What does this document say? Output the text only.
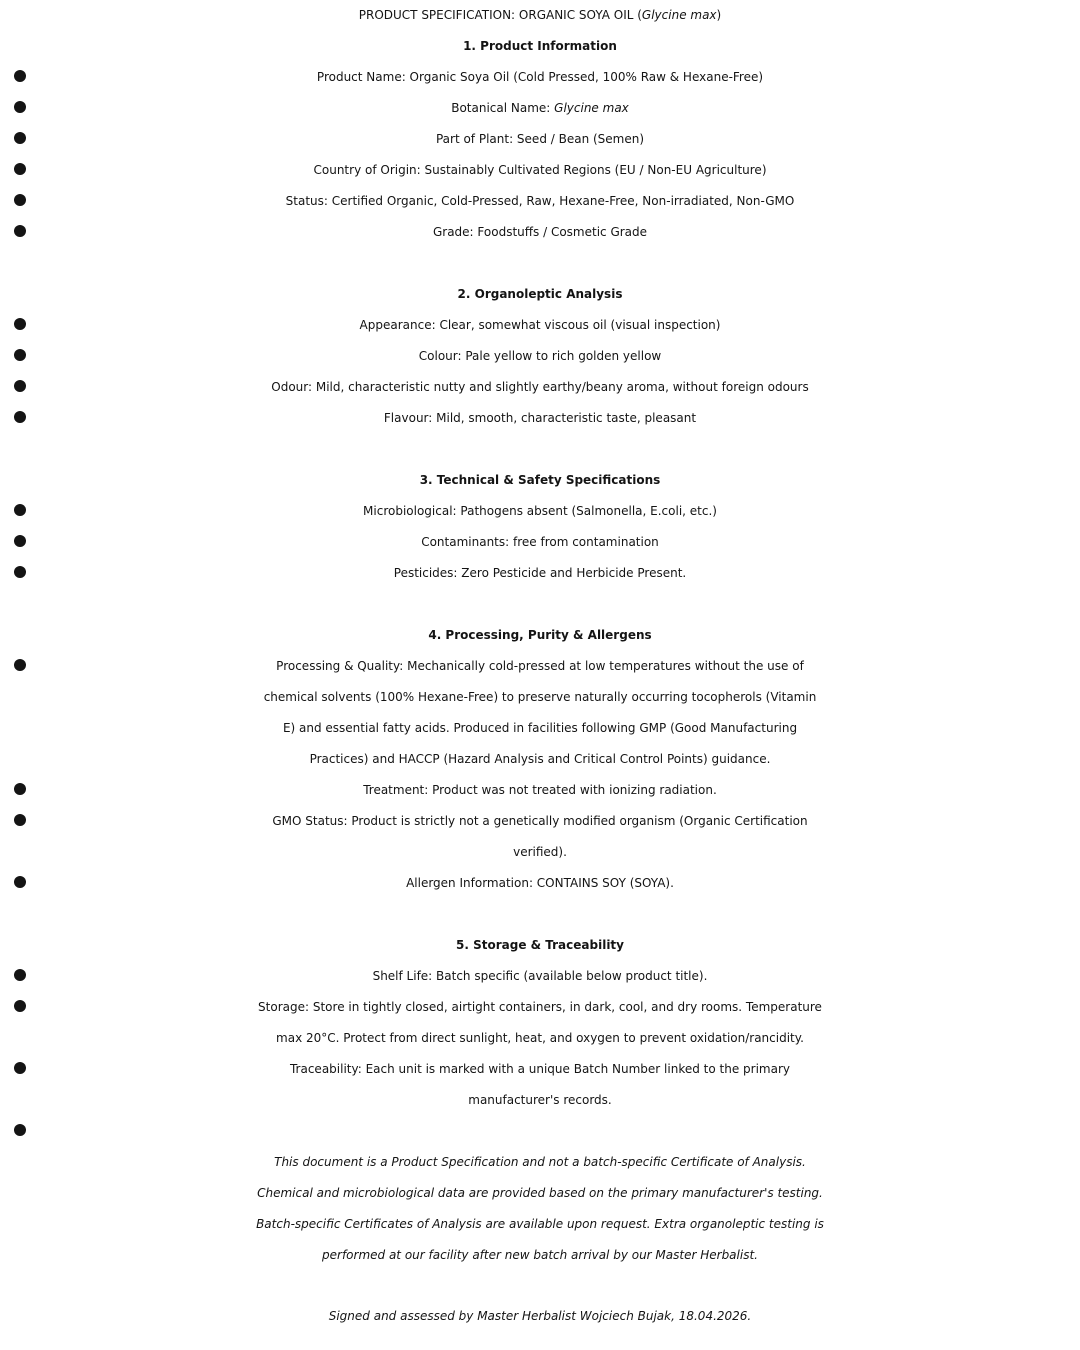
PRODUCT SPECIFICATION: ORGANIC SOYA OIL (Glycine max)
1. Product Information
Product Name: Organic Soya Oil (Cold Pressed, 100% Raw & Hexane-Free)
Botanical Name: Glycine max
Part of Plant: Seed / Bean (Semen)
Country of Origin: Sustainably Cultivated Regions (EU / Non-EU Agriculture)
Status: Certified Organic, Cold-Pressed, Raw, Hexane-Free, Non-irradiated, Non-GMO
Grade: Foodstuffs / Cosmetic Grade
2. Organoleptic Analysis
Appearance: Clear, somewhat viscous oil (visual inspection)
Colour: Pale yellow to rich golden yellow
Odour: Mild, characteristic nutty and slightly earthy/beany aroma, without foreign odours
Flavour: Mild, smooth, characteristic taste, pleasant
3. Technical & Safety Specifications
Microbiological: Pathogens absent (Salmonella, E.coli, etc.)
Contaminants: free from contamination
Pesticides: Zero Pesticide and Herbicide Present.
4. Processing, Purity & Allergens
Processing & Quality: Mechanically cold-pressed at low temperatures without the use of
chemical solvents (100% Hexane-Free) to preserve naturally occurring tocopherols (Vitamin
E) and essential fatty acids. Produced in facilities following GMP (Good Manufacturing
Practices) and HACCP (Hazard Analysis and Critical Control Points) guidance.
Treatment: Product was not treated with ionizing radiation.
GMO Status: Product is strictly not a genetically modified organism (Organic Certification
verified).
Allergen Information: CONTAINS SOY (SOYA).
5. Storage & Traceability
Shelf Life: Batch specific (available below product title).
Storage: Store in tightly closed, airtight containers, in dark, cool, and dry rooms. Temperature
max 20°C. Protect from direct sunlight, heat, and oxygen to prevent oxidation/rancidity.
Traceability: Each unit is marked with a unique Batch Number linked to the primary
manufacturer's records.
This document is a Product Specification and not a batch-specific Certificate of Analysis.
Chemical and microbiological data are provided based on the primary manufacturer's testing.
Batch-specific Certificates of Analysis are available upon request. Extra organoleptic testing is
performed at our facility after new batch arrival by our Master Herbalist.
Signed and assessed by Master Herbalist Wojciech Bujak, 18.04.2026.
